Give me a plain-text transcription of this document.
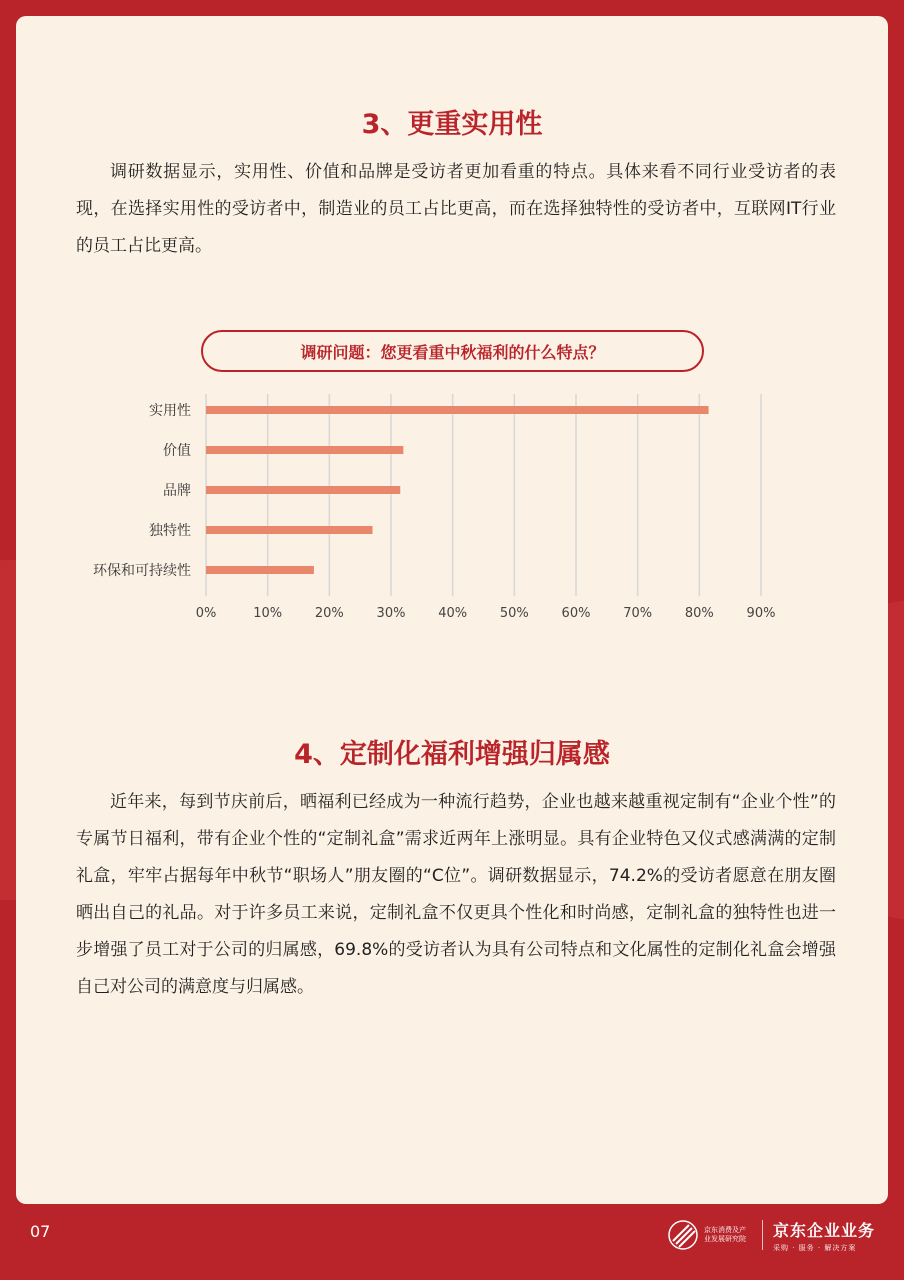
3、更重实用性

调研数据显示，实用性、价值和品牌是受访者更加看重的特点。具体来看不同行业受访者的表现，在选择实用性的受访者中，制造业的员工占比更高，而在选择独特性的受访者中，互联网IT行业的员工占比更高。

调研问题：您更看重中秋福利的什么特点？
0%	10%	20%	30%	40%	50%	60%	70%	80%	90%
实用性
价值
品牌
独特性
环保和可持续性
4、定制化福利增强归属感

近年来，每到节庆前后，晒福利已经成为一种流行趋势，企业也越来越重视定制有“企业个性”的专属节日福利，带有企业个性的“定制礼盒”需求近两年上涨明显。具有企业特色又仪式感满满的定制礼盒，牢牢占据每年中秋节“职场人”朋友圈的“C位”。调研数据显示，74.2%的受访者愿意在朋友圈晒出自己的礼品。对于许多员工来说，定制礼盒不仅更具个性化和时尚感，定制礼盒的独特性也进一步增强了员工对于公司的归属感，69.8%的受访者认为具有公司特点和文化属性的定制化礼盒会增强自己对公司的满意度与归属感。

07	京东消费及产业发展研究院	京东企业业务
采购 · 服务 · 解决方案
